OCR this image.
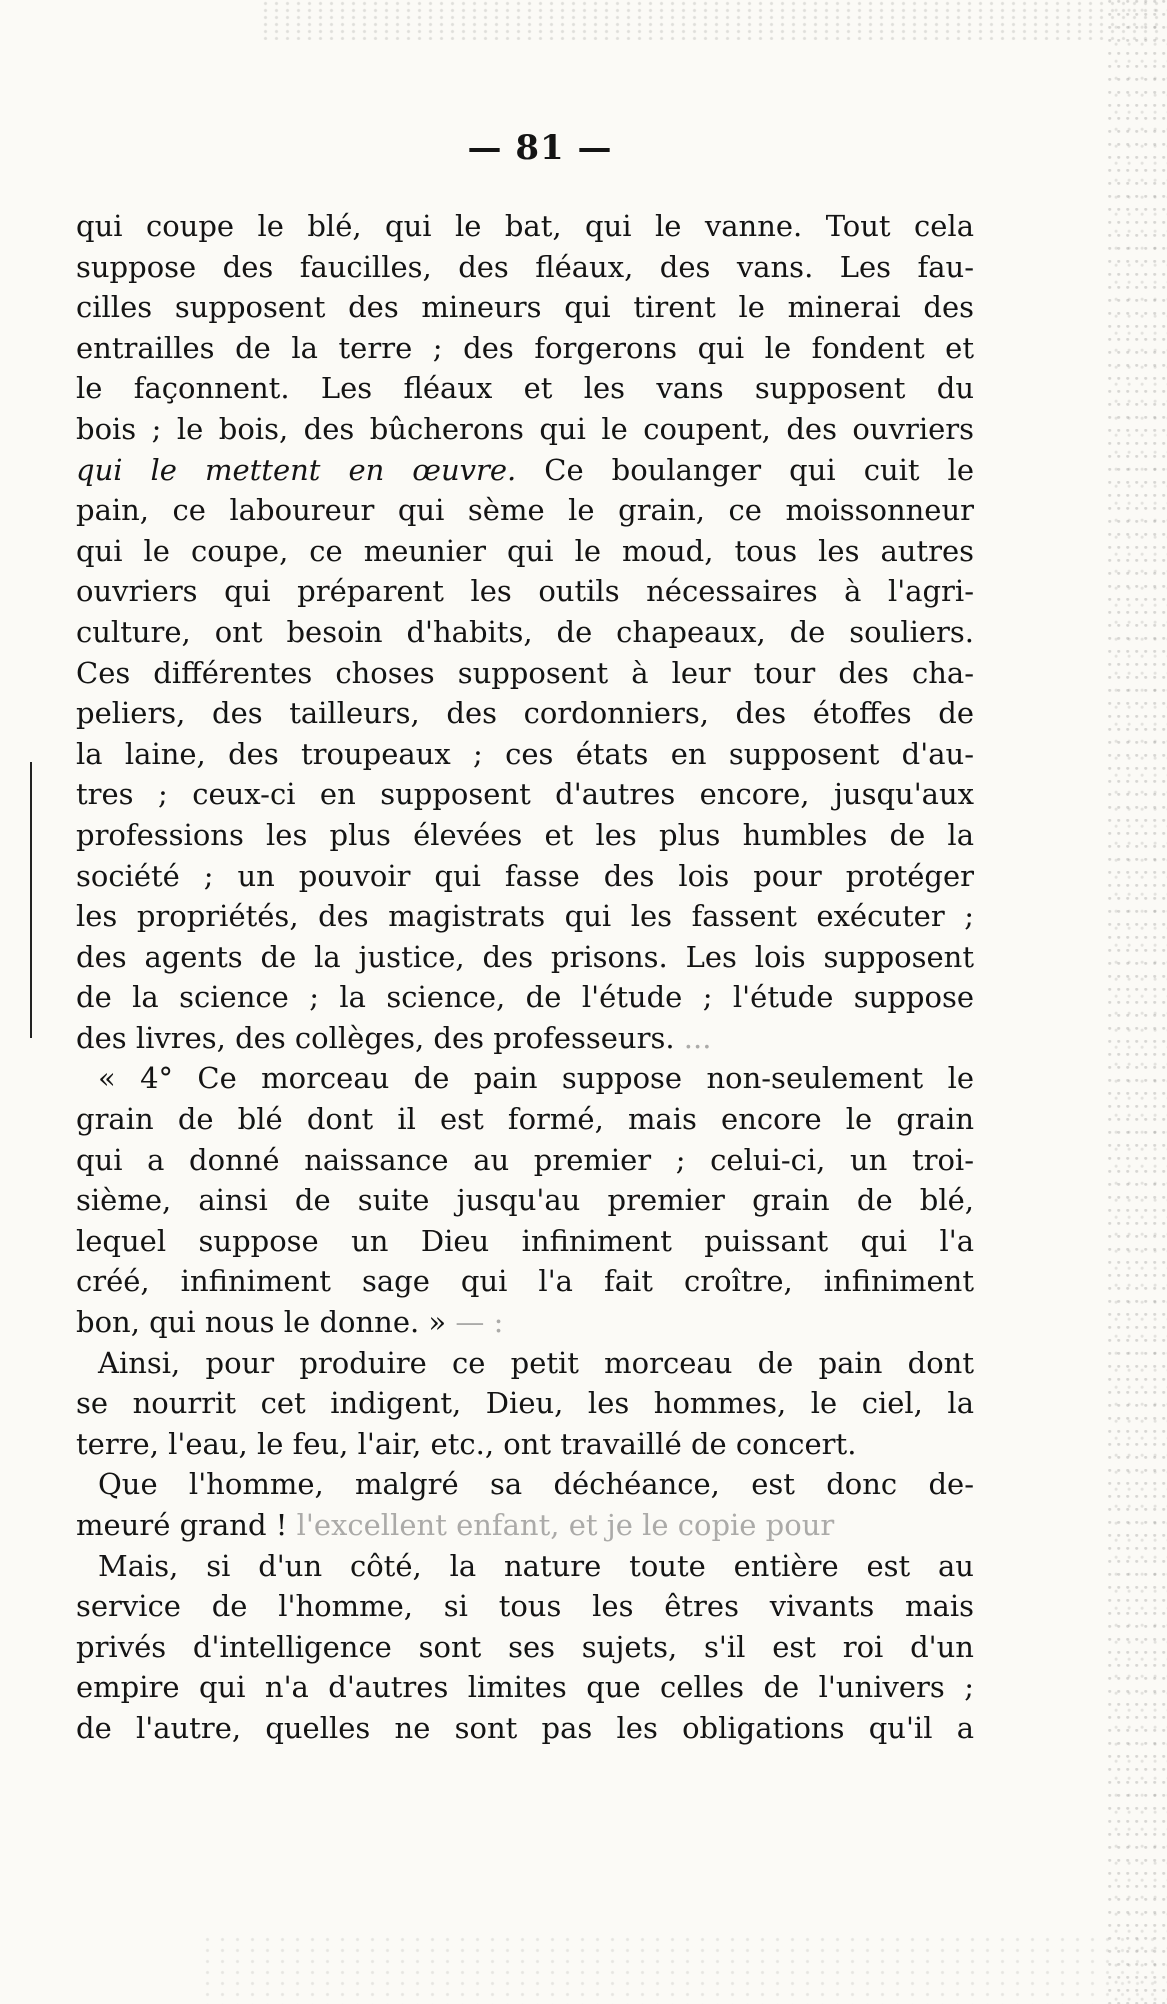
— 81 —
qui coupe le blé, qui le bat, qui le vanne. Tout cela
suppose des faucilles, des fléaux, des vans. Les fau-
cilles supposent des mineurs qui tirent le minerai des
entrailles de la terre ; des forgerons qui le fondent et
le façonnent. Les fléaux et les vans supposent du
bois ; le bois, des bûcherons qui le coupent, des ouvriers
qui le mettent en œuvre. Ce boulanger qui cuit le
pain, ce laboureur qui sème le grain, ce moissonneur
qui le coupe, ce meunier qui le moud, tous les autres
ouvriers qui préparent les outils nécessaires à l'agri-
culture, ont besoin d'habits, de chapeaux, de souliers.
Ces différentes choses supposent à leur tour des cha-
peliers, des tailleurs, des cordonniers, des étoffes de
la laine, des troupeaux ; ces états en supposent d'au-
tres ; ceux-ci en supposent d'autres encore, jusqu'aux
professions les plus élevées et les plus humbles de la
société ; un pouvoir qui fasse des lois pour protéger
les propriétés, des magistrats qui les fassent exécuter ;
des agents de la justice, des prisons. Les lois supposent
de la science ; la science, de l'étude ; l'étude suppose
des livres, des collèges, des professeurs. ...
« 4° Ce morceau de pain suppose non-seulement le
grain de blé dont il est formé, mais encore le grain
qui a donné naissance au premier ; celui-ci, un troi-
sième, ainsi de suite jusqu'au premier grain de blé,
lequel suppose un Dieu infiniment puissant qui l'a
créé, infiniment sage qui l'a fait croître, infiniment
bon, qui nous le donne. » — :
Ainsi, pour produire ce petit morceau de pain dont
se nourrit cet indigent, Dieu, les hommes, le ciel, la
terre, l'eau, le feu, l'air, etc., ont travaillé de concert.
Que l'homme, malgré sa déchéance, est donc de-
meuré grand ! l'excellent enfant, et je le copie pour
Mais, si d'un côté, la nature toute entière est au
service de l'homme, si tous les êtres vivants mais
privés d'intelligence sont ses sujets, s'il est roi d'un
empire qui n'a d'autres limites que celles de l'univers ;
de l'autre, quelles ne sont pas les obligations qu'il a
